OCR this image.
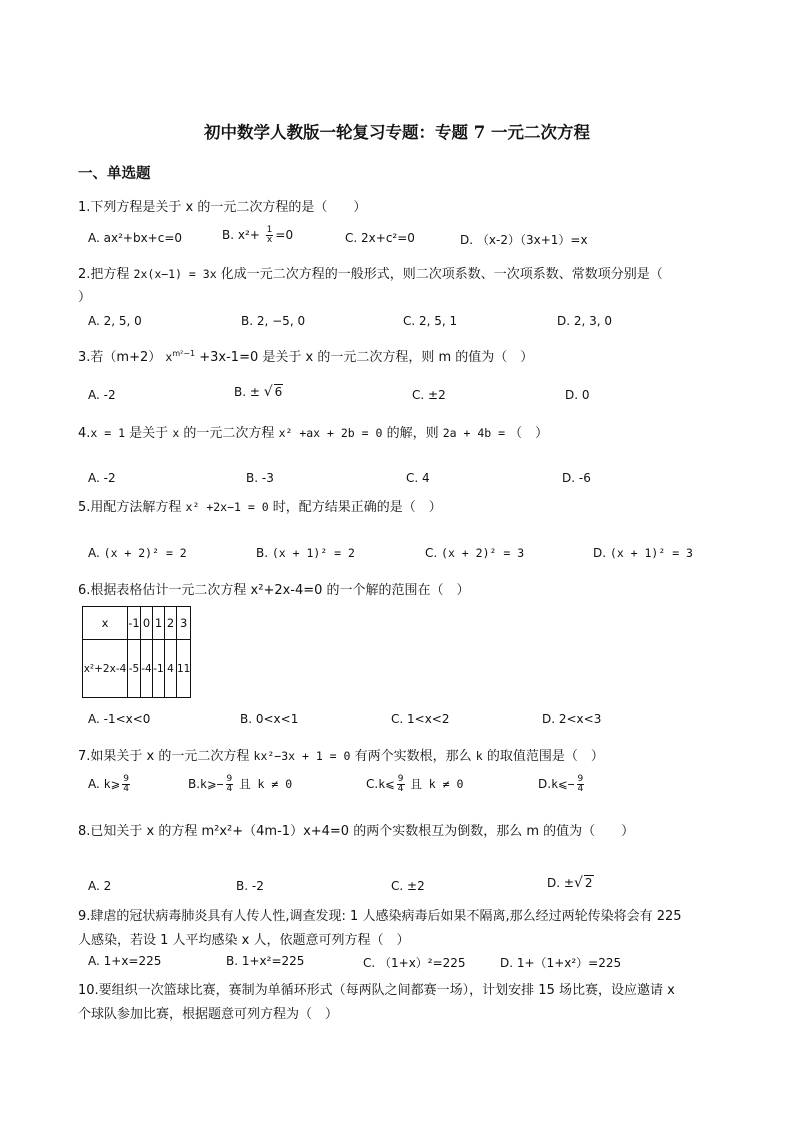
初中数学人教版一轮复习专题：专题 7 一元二次方程
一、单选题
1.下列方程是关于 x 的一元二次方程的是（　　）
A. ax²+bx+c=0	B. $x^2+ \frac{1}{x} =0$	C. 2x+c²=0	D. （x-2）（3x+1）=x
2.把方程 2x(x−1) = 3x 化成一元二次方程的一般形式，则二次项系数、一次项系数、常数项分别是（
）
A. 2, 5, 0	B. 2, −5, 0	C. 2, 5, 1	D. 2, 3, 0
3.若（m+2） $x^{m^2-1} +3x-1=0$ 是关于 x 的一元二次方程，则 m 的值为（　）
A. -2	B. ± √ 6	C. ±2	D. 0
4.x = 1 是关于 x 的一元二次方程 x² +ax + 2b = 0 的解，则 2a + 4b = （　）
A. -2	B. -3	C. 4	D. -6
5.用配方法解方程 x² +2x−1 = 0 时，配方结果正确的是（　）
A. (x + 2)² = 2	B. (x + 1)² = 2	C. (x + 2)² = 3	D. (x + 1)² = 3
6.根据表格估计一元二次方程 x²+2x-4=0 的一个解的范围在（　）
x	-1	0	1	2	3
x²+2x-4	-5	-4	-1	4	11
A. -1<x<0	B. 0<x<1	C. 1<x<2	D. 2<x<3
7.如果关于 x 的一元二次方程 kx²−3x + 1 = 0 有两个实数根，那么 k 的取值范围是（　）
A. k⩾ $\frac{9}{4}$	B.k⩾− $\frac{9}{4}$ 且 k ≠ 0	C.k⩽ $\frac{9}{4}$ 且 k ≠ 0	D.k⩽− $\frac{9}{4}$
8.已知关于 x 的方程 m²x²+（4m-1）x+4=0 的两个实数根互为倒数，那么 m 的值为（　　）
A. 2	B. -2	C. ±2	D. ±√ 2
9.肆虐的冠状病毒肺炎具有人传人性,调查发现: 1 人感染病毒后如果不隔离,那么经过两轮传染将会有 225
人感染，若设 1 人平均感染 x 人，依题意可列方程（　）
A. 1+x=225	B. 1+x²=225	C. （1+x）²=225	D. 1+（1+x²）=225
10.要组织一次篮球比赛，赛制为单循环形式（每两队之间都赛一场），计划安排 15 场比赛，设应邀请 x
个球队参加比赛，根据题意可列方程为（　）
